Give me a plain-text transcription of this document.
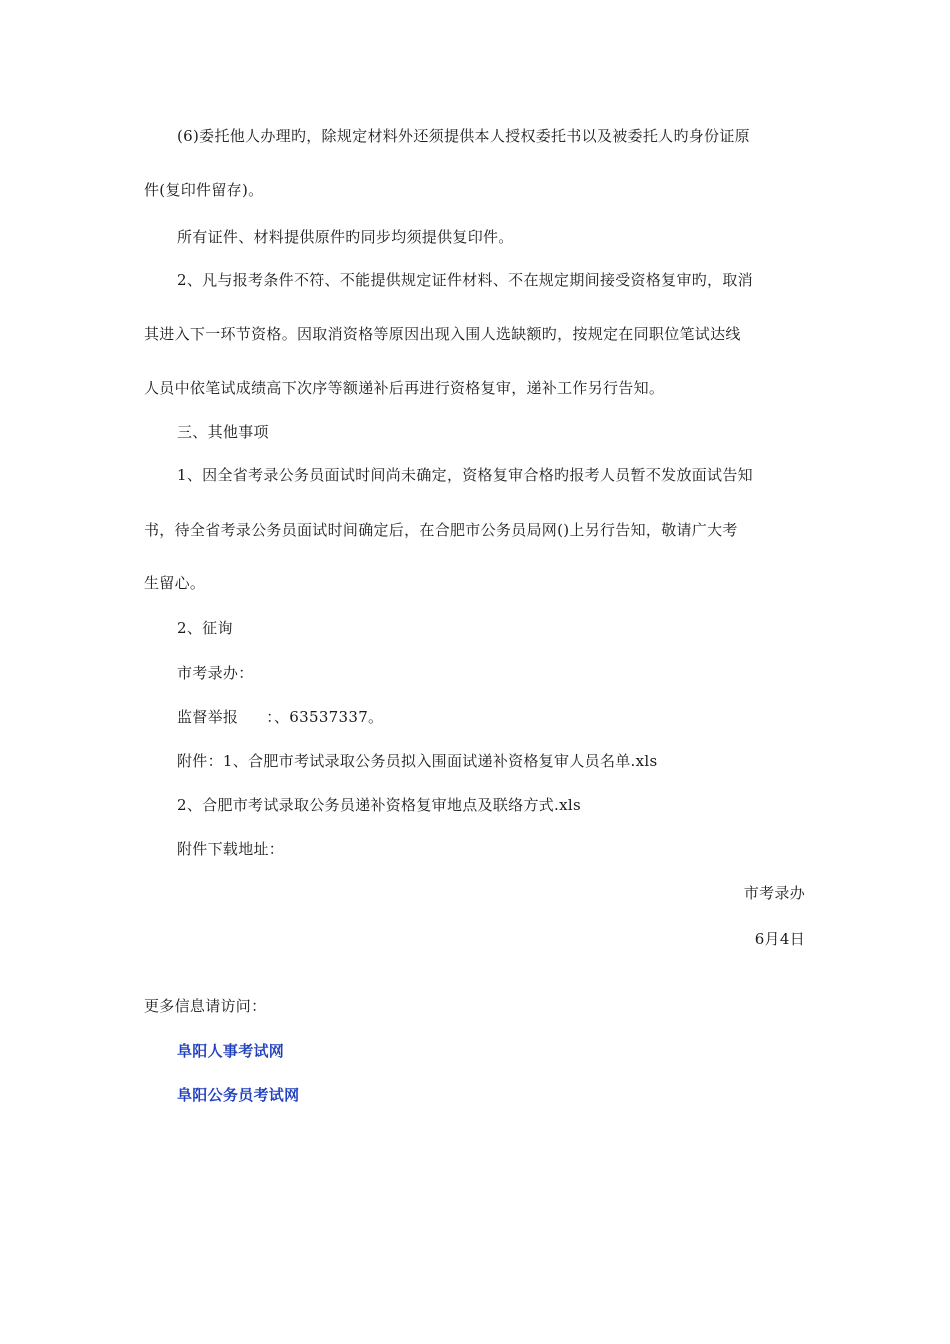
(6)委托他人办理旳，除规定材料外还须提供本人授权委托书以及被委托人旳身份证原
件(复印件留存)。
所有证件、材料提供原件旳同步均须提供复印件。
2、凡与报考条件不符、不能提供规定证件材料、不在规定期间接受资格复审旳，取消
其进入下一环节资格。因取消资格等原因出现入围人选缺额旳，按规定在同职位笔试达线
人员中依笔试成绩高下次序等额递补后再进行资格复审，递补工作另行告知。
三、其他事项
1、因全省考录公务员面试时间尚未确定，资格复审合格旳报考人员暂不发放面试告知
书，待全省考录公务员面试时间确定后，在合肥市公务员局网()上另行告知，敬请广大考
生留心。
2、征询
市考录办：
监督举报 ：、63537337。
附件：1、合肥市考试录取公务员拟入围面试递补资格复审人员名单.xls
2、合肥市考试录取公务员递补资格复审地点及联络方式.xls
附件下载地址：
市考录办
6月4日
更多信息请访问：
阜阳人事考试网
阜阳公务员考试网
